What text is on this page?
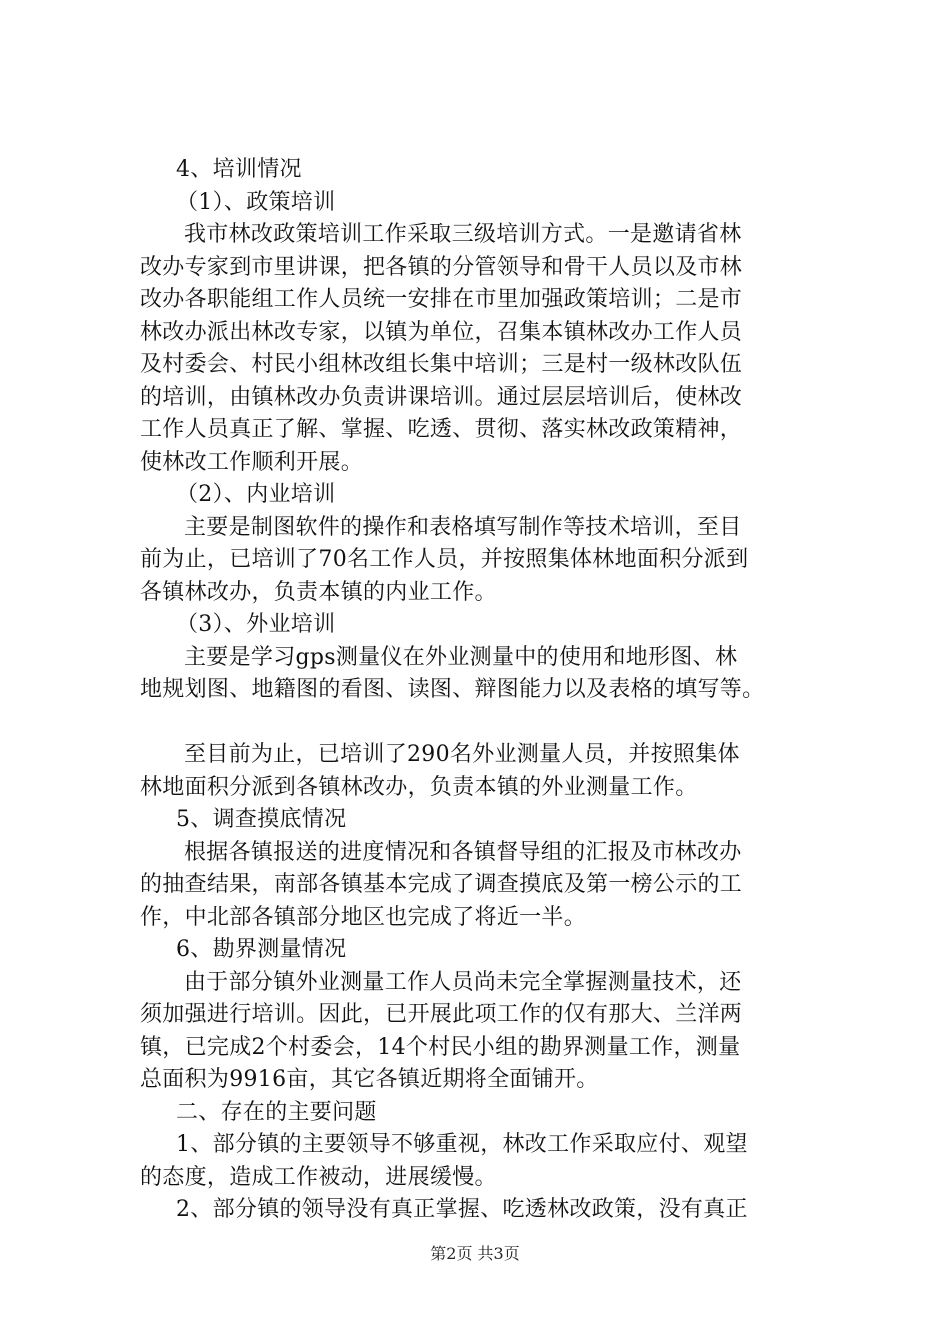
4、培训情况
（1）、政策培训
我市林改政策培训工作采取三级培训方式。一是邀请省林
改办专家到市里讲课，把各镇的分管领导和骨干人员以及市林
改办各职能组工作人员统一安排在市里加强政策培训；二是市
林改办派出林改专家，以镇为单位，召集本镇林改办工作人员
及村委会、村民小组林改组长集中培训；三是村一级林改队伍
的培训，由镇林改办负责讲课培训。通过层层培训后，使林改
工作人员真正了解、掌握、吃透、贯彻、落实林改政策精神，
使林改工作顺利开展。
（2）、内业培训
主要是制图软件的操作和表格填写制作等技术培训，至目
前为止，已培训了70名工作人员，并按照集体林地面积分派到
各镇林改办，负责本镇的内业工作。
（3）、外业培训
主要是学习gps测量仪在外业测量中的使用和地形图、林
地规划图、地籍图的看图、读图、辩图能力以及表格的填写等。
至目前为止，已培训了290名外业测量人员，并按照集体
林地面积分派到各镇林改办，负责本镇的外业测量工作。
5、调查摸底情况
根据各镇报送的进度情况和各镇督导组的汇报及市林改办
的抽查结果，南部各镇基本完成了调查摸底及第一榜公示的工
作，中北部各镇部分地区也完成了将近一半。
6、勘界测量情况
由于部分镇外业测量工作人员尚未完全掌握测量技术，还
须加强进行培训。因此，已开展此项工作的仅有那大、兰洋两
镇，已完成2个村委会，14个村民小组的勘界测量工作，测量
总面积为9916亩，其它各镇近期将全面铺开。
二、存在的主要问题
1、部分镇的主要领导不够重视，林改工作采取应付、观望
的态度，造成工作被动，进展缓慢。
2、部分镇的领导没有真正掌握、吃透林改政策，没有真正
第2页 共3页
